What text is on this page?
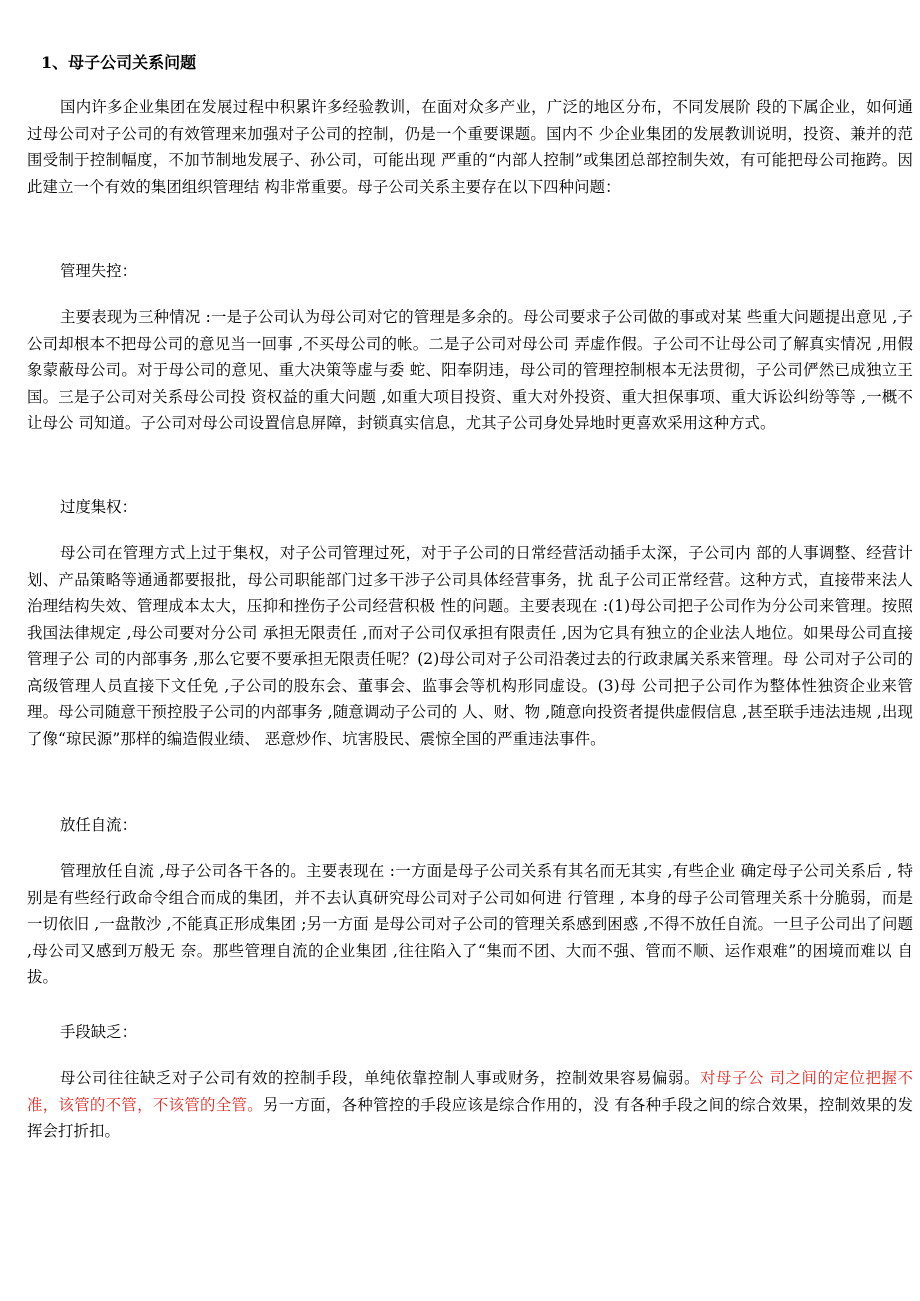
1、母子公司关系问题

国内许多企业集团在发展过程中积累许多经验教训，在面对众多产业，广泛的地区分布，不同发展阶 段的下属企业，如何通过母公司对子公司的有效管理来加强对子公司的控制，仍是一个重要课题。国内不 少企业集团的发展教训说明，投资、兼并的范围受制于控制幅度，不加节制地发展子、孙公司，可能出现 严重的“内部人控制”或集团总部控制失效，有可能把母公司拖跨。因此建立一个有效的集团组织管理结 构非常重要。母子公司关系主要存在以下四种问题：

管理失控：

主要表现为三种情况 :一是子公司认为母公司对它的管理是多余的。母公司要求子公司做的事或对某 些重大问题提出意见 ,子公司却根本不把母公司的意见当一回事 ,不买母公司的帐。二是子公司对母公司 弄虚作假。子公司不让母公司了解真实情况 ,用假象蒙蔽母公司。对于母公司的意见、重大决策等虚与委 蛇、阳奉阴违，母公司的管理控制根本无法贯彻，子公司俨然已成独立王国。三是子公司对关系母公司投 资权益的重大问题 ,如重大项目投资、重大对外投资、重大担保事项、重大诉讼纠纷等等 ,一概不让母公 司知道。子公司对母公司设置信息屏障，封锁真实信息，尤其子公司身处异地时更喜欢采用这种方式。

过度集权：

母公司在管理方式上过于集权，对子公司管理过死，对于子公司的日常经营活动插手太深，子公司内 部的人事调整、经营计划、产品策略等通通都要报批，母公司职能部门过多干涉子公司具体经营事务，扰 乱子公司正常经营。这种方式，直接带来法人治理结构失效、管理成本太大，压抑和挫伤子公司经营积极 性的问题。主要表现在 :(1)母公司把子公司作为分公司来管理。按照我国法律规定 ,母公司要对分公司 承担无限责任 ,而对子公司仅承担有限责任 ,因为它具有独立的企业法人地位。如果母公司直接管理子公 司的内部事务 ,那么它要不要承担无限责任呢？(2)母公司对子公司沿袭过去的行政隶属关系来管理。母 公司对子公司的高级管理人员直接下文任免 ,子公司的股东会、董事会、监事会等机构形同虚设。(3)母 公司把子公司作为整体性独资企业来管理。母公司随意干预控股子公司的内部事务 ,随意调动子公司的 人、财、物 ,随意向投资者提供虚假信息 ,甚至联手违法违规 ,出现了像“琼民源”那样的编造假业绩、 恶意炒作、坑害股民、震惊全国的严重违法事件。

放任自流：

管理放任自流 ,母子公司各干各的。主要表现在 :一方面是母子公司关系有其名而无其实 ,有些企业 确定母子公司关系后 , 特别是有些经行政命令组合而成的集团，并不去认真研究母公司对子公司如何进 行管理 , 本身的母子公司管理关系十分脆弱，而是一切依旧 ,一盘散沙 ,不能真正形成集团 ;另一方面 是母公司对子公司的管理关系感到困惑 ,不得不放任自流。一旦子公司出了问题 ,母公司又感到万般无 奈。那些管理自流的企业集团 ,往往陷入了“集而不团、大而不强、管而不顺、运作艰难”的困境而难以 自拔。

手段缺乏：

母公司往往缺乏对子公司有效的控制手段，单纯依靠控制人事或财务，控制效果容易偏弱。对母子公 司之间的定位把握不准，该管的不管，不该管的全管。另一方面，各种管控的手段应该是综合作用的，没 有各种手段之间的综合效果，控制效果的发挥会打折扣。
